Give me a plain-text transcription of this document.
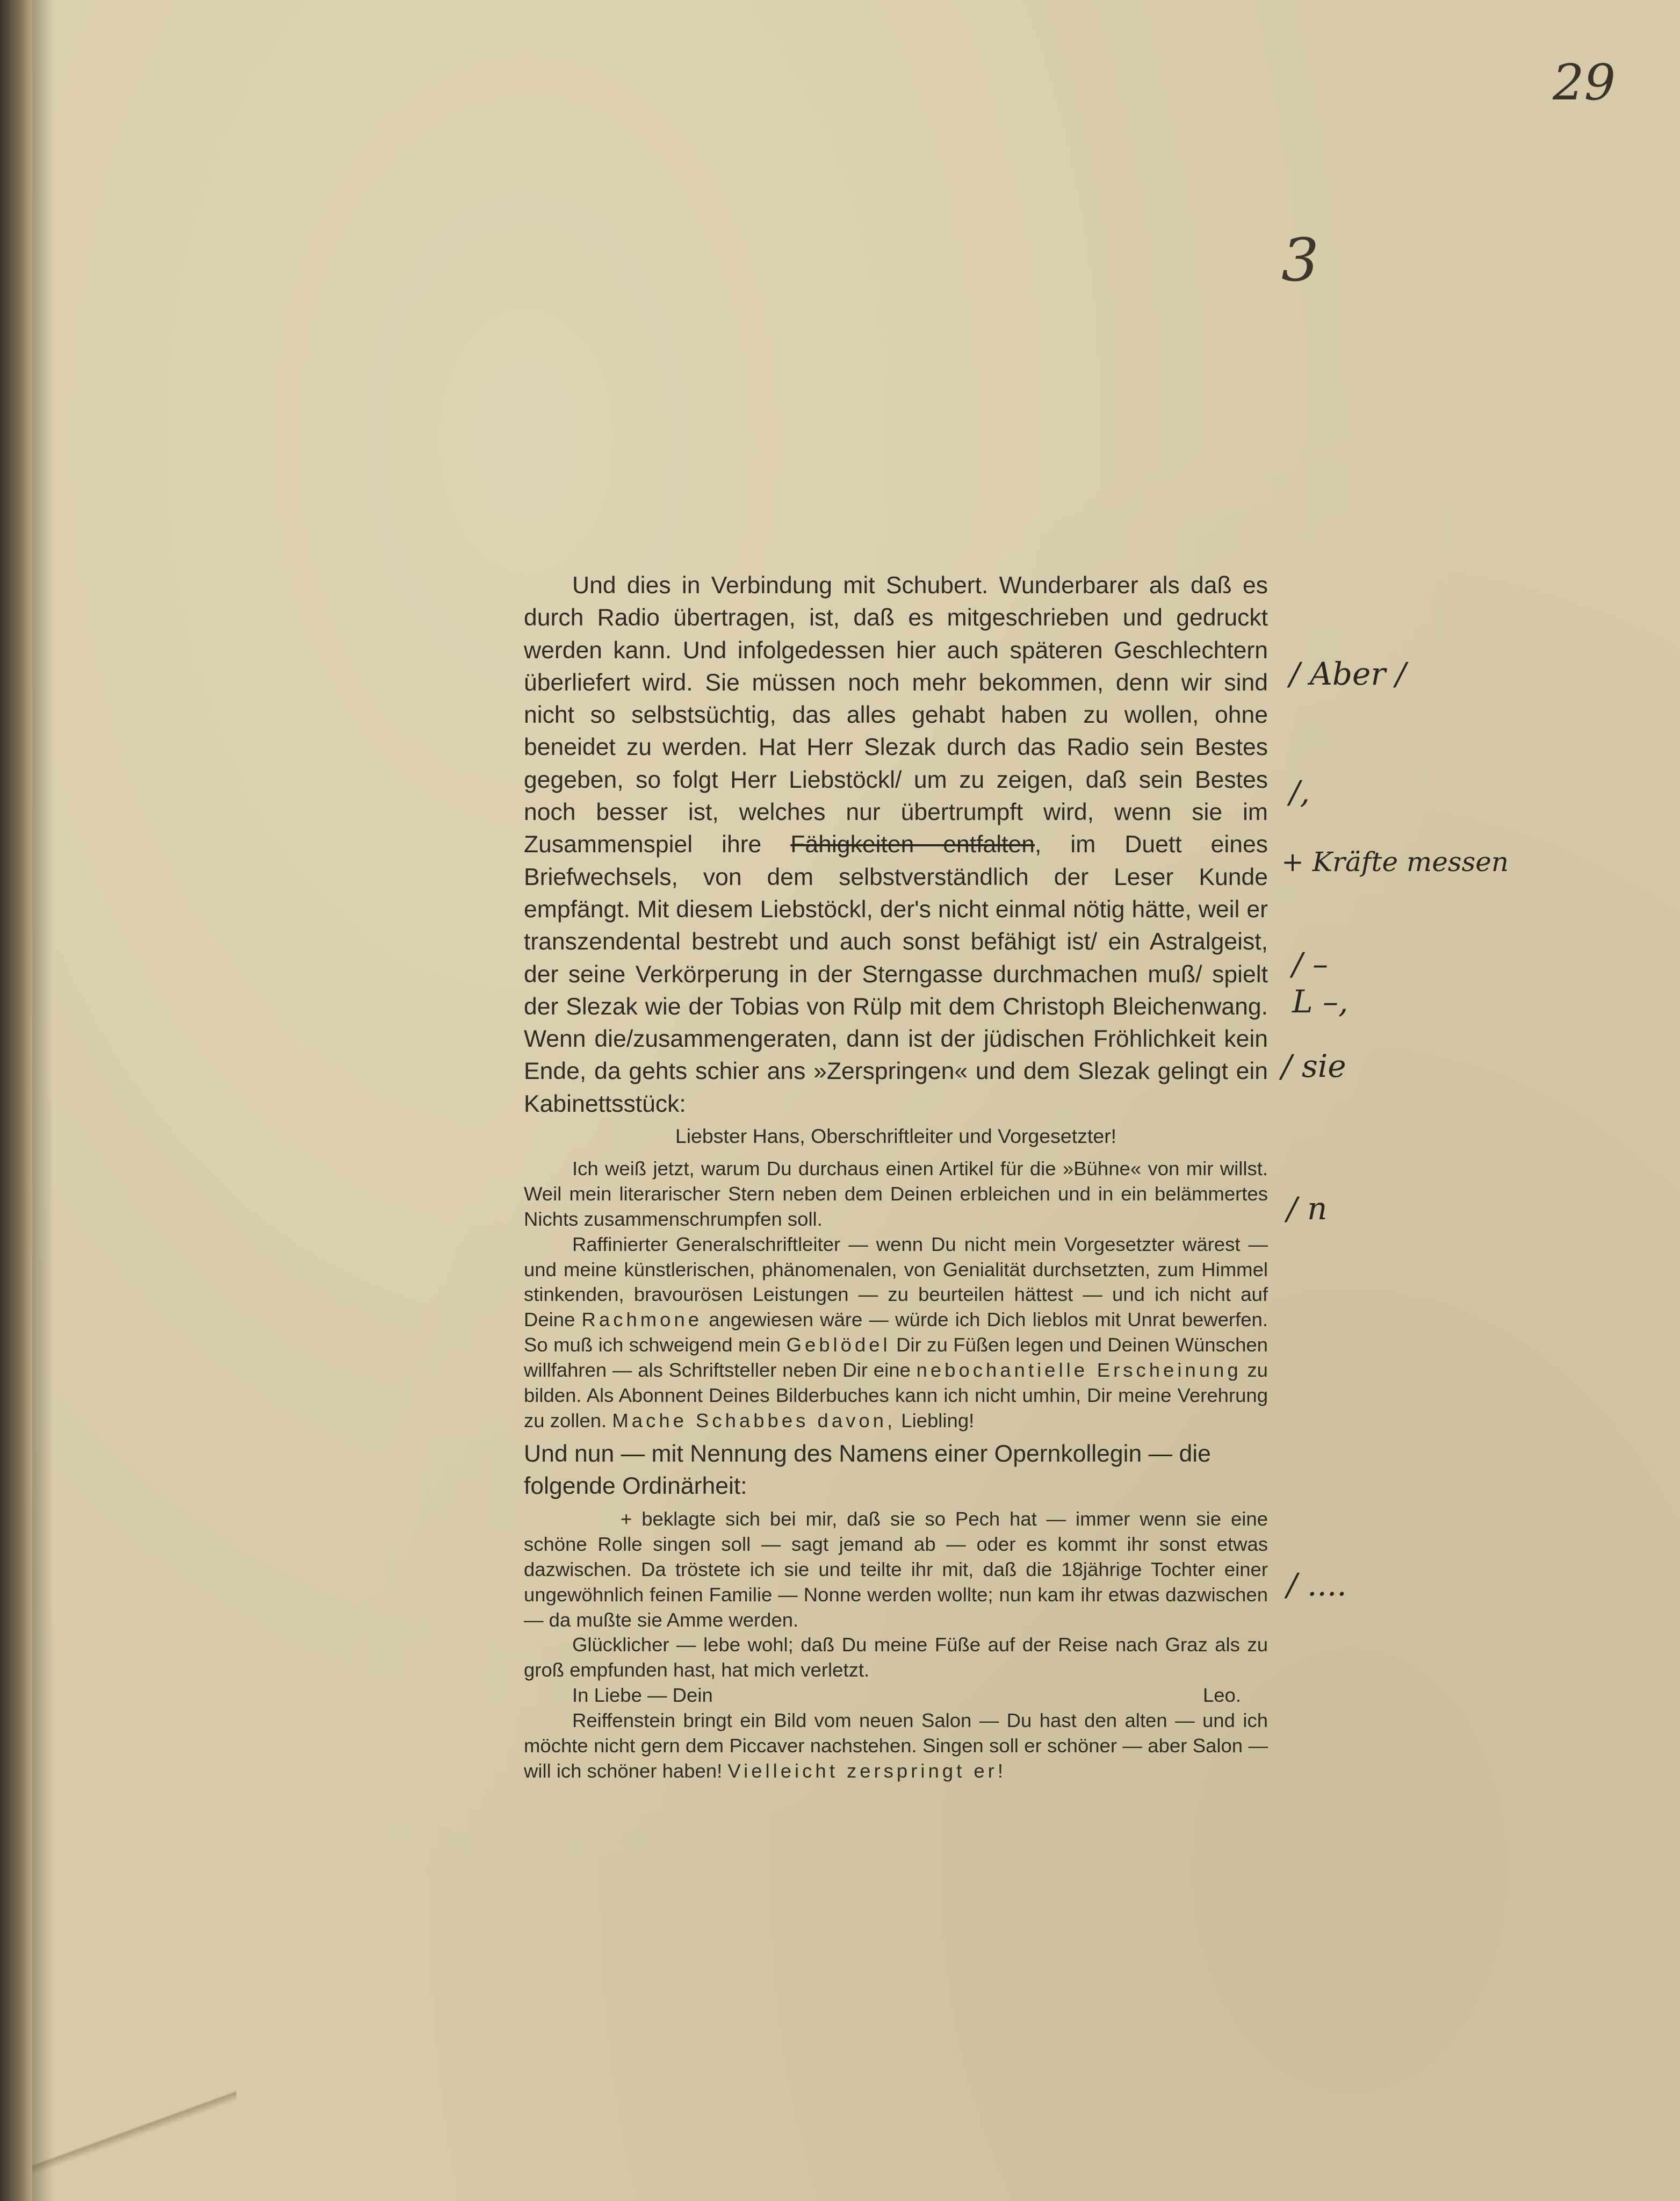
29
3

Und dies in Verbindung mit Schubert. Wunderbarer als daß es durch Radio übertragen, ist, daß es mitgeschrieben und gedruckt werden kann. Und infolgedessen hier auch späteren Geschlechtern überliefert wird. Sie müssen noch mehr bekommen, denn wir sind nicht so selbstsüchtig, das alles gehabt haben zu wollen, ohne beneidet zu werden. Hat Herr Slezak durch das Radio sein Bestes gegeben, so folgt Herr Liebstöckl/ um zu zeigen, daß sein Bestes noch besser ist, welches nur übertrumpft wird, wenn sie im Zusammenspiel ihre Fähigkeiten entfalten, im Duett eines Briefwechsels, von dem selbstverständlich der Leser Kunde empfängt. Mit diesem Liebstöckl, der's nicht einmal nötig hätte, weil er transzendental bestrebt und auch sonst befähigt ist/ ein Astralgeist, der seine Verkörperung in der Sterngasse durchmachen muß/ spielt der Slezak wie der Tobias von Rülp mit dem Christoph Bleichenwang. Wenn die/zusammengeraten, dann ist der jüdischen Fröhlichkeit kein Ende, da gehts schier ans »Zerspringen« und dem Slezak gelingt ein Kabinettsstück:

Liebster Hans, Oberschriftleiter und Vorgesetzter!

Ich weiß jetzt, warum Du durchaus einen Artikel für die »Bühne« von mir willst. Weil mein literarischer Stern neben dem Deinen erbleichen und in ein belämmertes Nichts zusammenschrumpfen soll.

Raffinierter Generalschriftleiter — wenn Du nicht mein Vorgesetzter wärest — und meine künstlerischen, phänomenalen, von Genialität durchsetzten, zum Himmel stinkenden, bravourösen Leistungen — zu beurteilen hättest — und ich nicht auf Deine Rachmone angewiesen wäre — würde ich Dich lieblos mit Unrat bewerfen. So muß ich schweigend mein Geblödel Dir zu Füßen legen und Deinen Wünschen willfahren — als Schriftsteller neben Dir eine nebochantielle Erscheinung zu bilden. Als Abonnent Deines Bilderbuches kann ich nicht umhin, Dir meine Verehrung zu zollen. Mache Schabbes davon, Liebling!

Und nun — mit Nennung des Namens einer Opernkollegin — die folgende Ordinärheit:

+ beklagte sich bei mir, daß sie so Pech hat — immer wenn sie eine schöne Rolle singen soll — sagt jemand ab — oder es kommt ihr sonst etwas dazwischen. Da tröstete ich sie und teilte ihr mit, daß die 18jährige Tochter einer ungewöhnlich feinen Familie — Nonne werden wollte; nun kam ihr etwas dazwischen — da mußte sie Amme werden.

Glücklicher — lebe wohl; daß Du meine Füße auf der Reise nach Graz als zu groß empfunden hast, hat mich verletzt.

In Liebe — Dein	Leo.

Reiffenstein bringt ein Bild vom neuen Salon — Du hast den alten — und ich möchte nicht gern dem Piccaver nachstehen. Singen soll er schöner — aber Salon — will ich schöner haben! Vielleicht zerspringt er!

/ Aber /
/,
+ Kräfte messen
/ –
L –,
/ sie
/ n
/ ....
